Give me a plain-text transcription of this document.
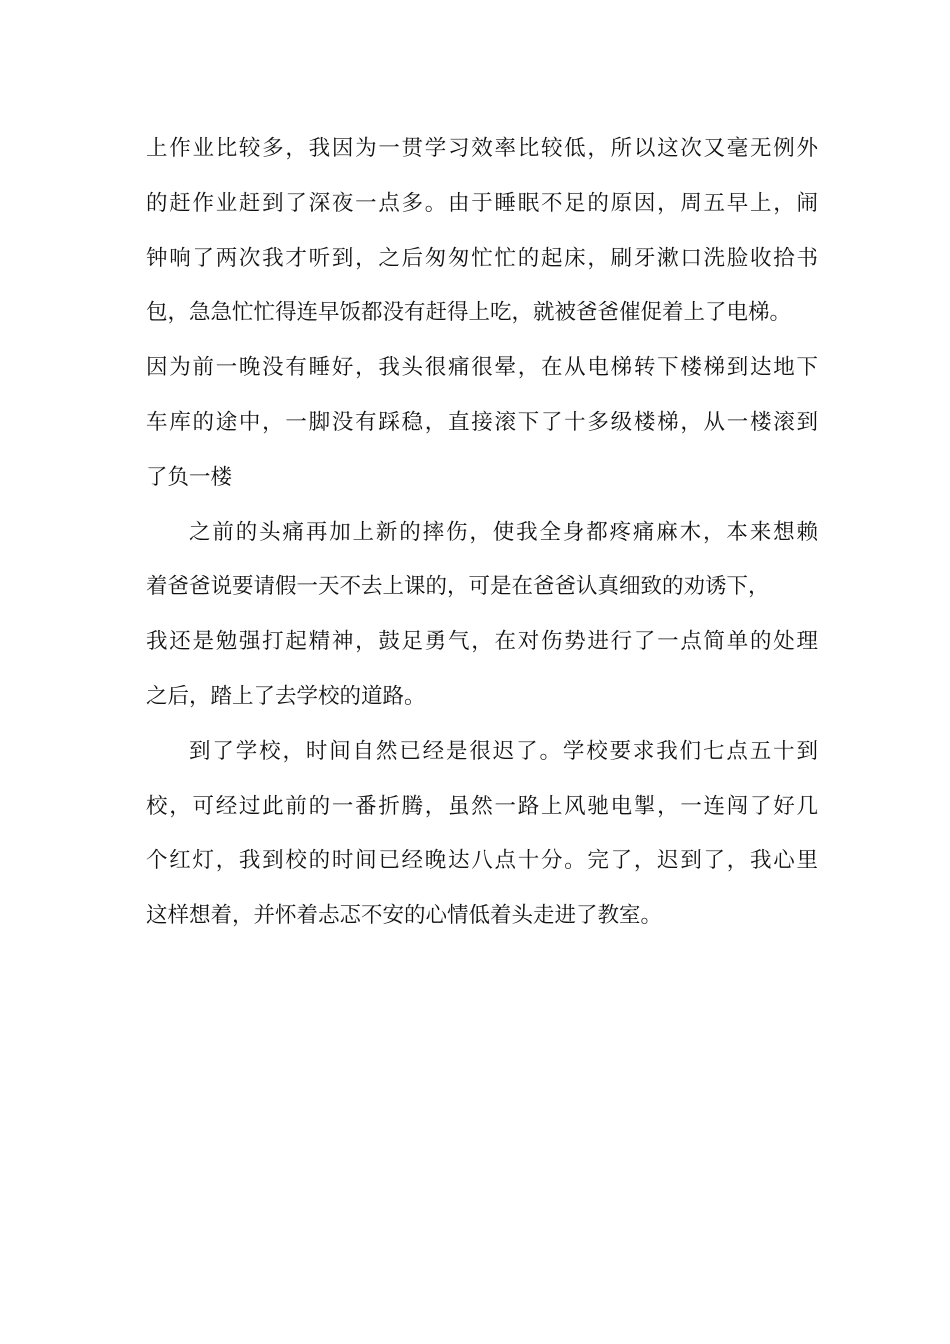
上作业比较多，我因为一贯学习效率比较低，所以这次又毫无例外
的赶作业赶到了深夜一点多。由于睡眠不足的原因，周五早上，闹
钟响了两次我才听到，之后匆匆忙忙的起床，刷牙漱口洗脸收拾书
包，急急忙忙得连早饭都没有赶得上吃，就被爸爸催促着上了电梯。
因为前一晚没有睡好，我头很痛很晕，在从电梯转下楼梯到达地下
车库的途中，一脚没有踩稳，直接滚下了十多级楼梯，从一楼滚到
了负一楼
之前的头痛再加上新的摔伤，使我全身都疼痛麻木，本来想赖
着爸爸说要请假一天不去上课的，可是在爸爸认真细致的劝诱下，
我还是勉强打起精神，鼓足勇气，在对伤势进行了一点简单的处理
之后，踏上了去学校的道路。
到了学校，时间自然已经是很迟了。学校要求我们七点五十到
校，可经过此前的一番折腾，虽然一路上风驰电掣，一连闯了好几
个红灯，我到校的时间已经晚达八点十分。完了，迟到了，我心里
这样想着，并怀着忐忑不安的心情低着头走进了教室。
